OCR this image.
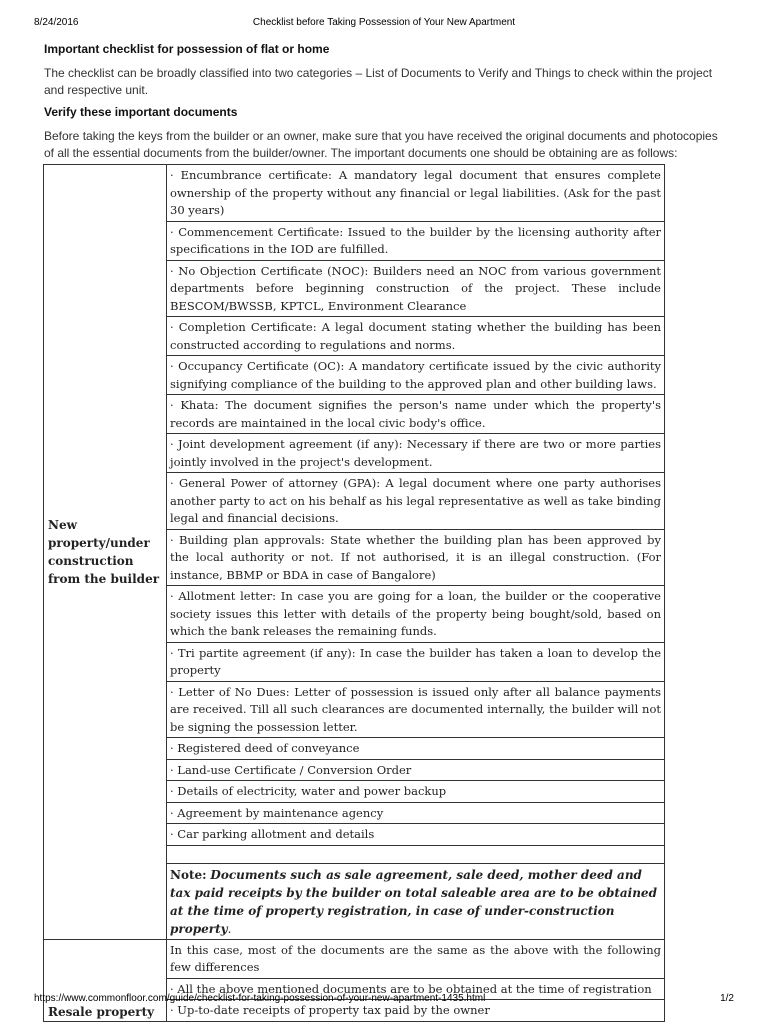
8/24/2016	Checklist before Taking Possession of Your New Apartment
Important checklist for possession of flat or home
The checklist can be broadly classified into two categories – List of Documents to Verify and Things to check within the project and respective unit.
Verify these important documents
Before taking the keys from the builder or an owner, make sure that you have received the original documents and photocopies of all the essential documents from the builder/owner. The important documents one should be obtaining are as follows:
New property/under construction from the builder	· Encumbrance certificate: A mandatory legal document that ensures complete ownership of the property without any financial or legal liabilities. (Ask for the past 30 years)
	· Commencement Certificate: Issued to the builder by the licensing authority after specifications in the IOD are fulfilled.
	· No Objection Certificate (NOC): Builders need an NOC from various government departments before beginning construction of the project. These include BESCOM/BWSSB, KPTCL, Environment Clearance
	· Completion Certificate: A legal document stating whether the building has been constructed according to regulations and norms.
	· Occupancy Certificate (OC): A mandatory certificate issued by the civic authority signifying compliance of the building to the approved plan and other building laws.
	· Khata: The document signifies the person's name under which the property's records are maintained in the local civic body's office.
	· Joint development agreement (if any): Necessary if there are two or more parties jointly involved in the project's development.
	· General Power of attorney (GPA): A legal document where one party authorises another party to act on his behalf as his legal representative as well as take binding legal and financial decisions.
	· Building plan approvals: State whether the building plan has been approved by the local authority or not. If not authorised, it is an illegal construction. (For instance, BBMP or BDA in case of Bangalore)
	· Allotment letter: In case you are going for a loan, the builder or the cooperative society issues this letter with details of the property being bought/sold, based on which the bank releases the remaining funds.
	· Tri partite agreement (if any): In case the builder has taken a loan to develop the property
	· Letter of No Dues: Letter of possession is issued only after all balance payments are received. Till all such clearances are documented internally, the builder will not be signing the possession letter.
	· Registered deed of conveyance
	· Land-use Certificate / Conversion Order
	· Details of electricity, water and power backup
	· Agreement by maintenance agency
	· Car parking allotment and details

	Note: Documents such as sale agreement, sale deed, mother deed and tax paid receipts by the builder on total saleable area are to be obtained at the time of property registration, in case of under-construction property.
Resale property	In this case, most of the documents are the same as the above with the following few differences
	· All the above mentioned documents are to be obtained at the time of registration
	· Up-to-date receipts of property tax paid by the owner
https://www.commonfloor.com/guide/checklist-for-taking-possession-of-your-new-apartment-1435.html	1/2
